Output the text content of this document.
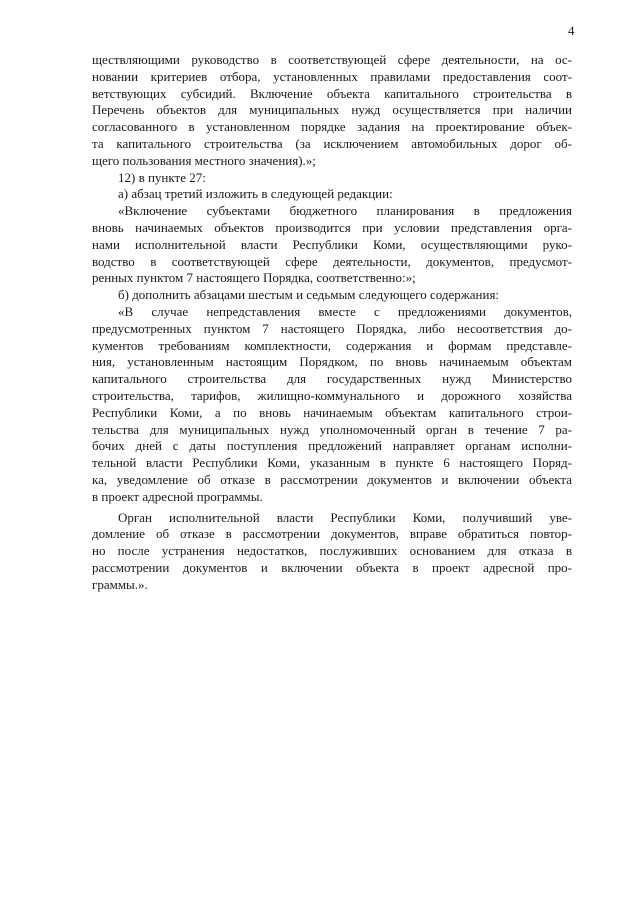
4
ществляющими руководство в соответствующей сфере деятельности, на ос-
новании критериев отбора, установленных правилами предоставления соот-
ветствующих субсидий. Включение объекта капитального строительства в
Перечень объектов для муниципальных нужд осуществляется при наличии
согласованного в установленном порядке задания на проектирование объек-
та капитального строительства (за исключением автомобильных дорог об-
щего пользования местного значения).»;
12) в пункте 27:
а) абзац третий изложить в следующей редакции:
«Включение субъектами бюджетного планирования в предложения
вновь начинаемых объектов производится при условии представления орга-
нами исполнительной власти Республики Коми, осуществляющими руко-
водство в соответствующей сфере деятельности, документов, предусмот-
ренных пунктом 7 настоящего Порядка, соответственно:»;
б) дополнить абзацами шестым и седьмым следующего содержания:
«В случае непредставления вместе с предложениями документов,
предусмотренных пунктом 7 настоящего Порядка, либо несоответствия до-
кументов требованиям комплектности, содержания и формам представле-
ния, установленным настоящим Порядком, по вновь начинаемым объектам
капитального строительства для государственных нужд Министерство
строительства, тарифов, жилищно-коммунального и дорожного хозяйства
Республики Коми, а по вновь начинаемым объектам капитального строи-
тельства для муниципальных нужд уполномоченный орган в течение 7 ра-
бочих дней с даты поступления предложений направляет органам исполни-
тельной власти Республики Коми, указанным в пункте 6 настоящего Поряд-
ка, уведомление об отказе в рассмотрении документов и включении объекта
в проект адресной программы.
Орган исполнительной власти Республики Коми, получивший уве-
домление об отказе в рассмотрении документов, вправе обратиться повтор-
но после устранения недостатков, послуживших основанием для отказа в
рассмотрении документов и включении объекта в проект адресной про-
граммы.».
